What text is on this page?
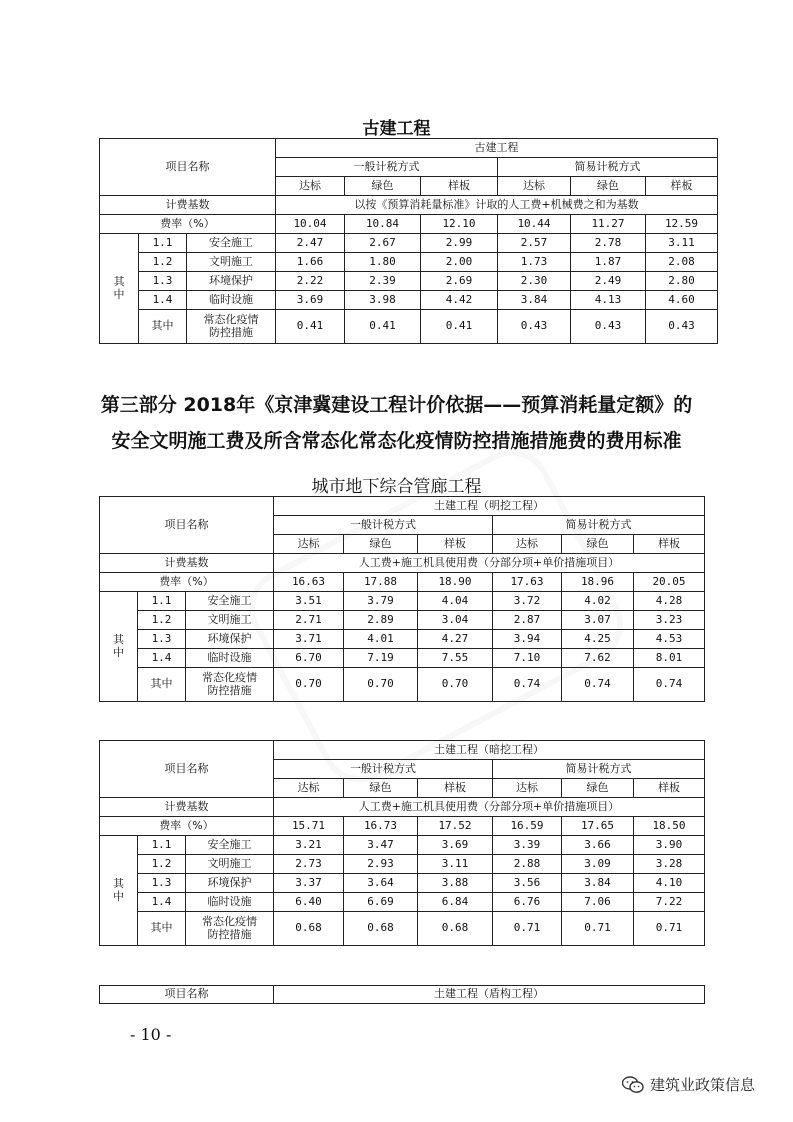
古建工程
项目名称			古建工程					
			一般计税方式			简易计税方式		
			达标	绿色	样板	达标	绿色	样板
计费基数			以按《预算消耗量标准》计取的人工费+机械费之和为基数					
费率（%）			10.04	10.84	12.10	10.44	11.27	12.59
其
中	1.1	安全施工	2.47	2.67	2.99	2.57	2.78	3.11
	1.2	文明施工	1.66	1.80	2.00	1.73	1.87	2.08
	1.3	环境保护	2.22	2.39	2.69	2.30	2.49	2.80
	1.4	临时设施	3.69	3.98	4.42	3.84	4.13	4.60
	其中	常态化疫情
防控措施	0.41	0.41	0.41	0.43	0.43	0.43
第三部分 2018年《京津冀建设工程计价依据——预算消耗量定额》的
安全文明施工费及所含常态化常态化疫情防控措施措施费的费用标准
城市地下综合管廊工程
项目名称			土建工程（明挖工程）					
			一般计税方式			简易计税方式		
			达标	绿色	样板	达标	绿色	样板
计费基数			人工费+施工机具使用费（分部分项+单价措施项目）					
费率（%）			16.63	17.88	18.90	17.63	18.96	20.05
其
中	1.1	安全施工	3.51	3.79	4.04	3.72	4.02	4.28
	1.2	文明施工	2.71	2.89	3.04	2.87	3.07	3.23
	1.3	环境保护	3.71	4.01	4.27	3.94	4.25	4.53
	1.4	临时设施	6.70	7.19	7.55	7.10	7.62	8.01
	其中	常态化疫情
防控措施	0.70	0.70	0.70	0.74	0.74	0.74
项目名称			土建工程（暗挖工程）					
			一般计税方式			简易计税方式		
			达标	绿色	样板	达标	绿色	样板
计费基数			人工费+施工机具使用费（分部分项+单价措施项目）					
费率（%）			15.71	16.73	17.52	16.59	17.65	18.50
其
中	1.1	安全施工	3.21	3.47	3.69	3.39	3.66	3.90
	1.2	文明施工	2.73	2.93	3.11	2.88	3.09	3.28
	1.3	环境保护	3.37	3.64	3.88	3.56	3.84	4.10
	1.4	临时设施	6.40	6.69	6.84	6.76	7.06	7.22
	其中	常态化疫情
防控措施	0.68	0.68	0.68	0.71	0.71	0.71
项目名称	土建工程（盾构工程）
- 10 -
建筑业政策信息
